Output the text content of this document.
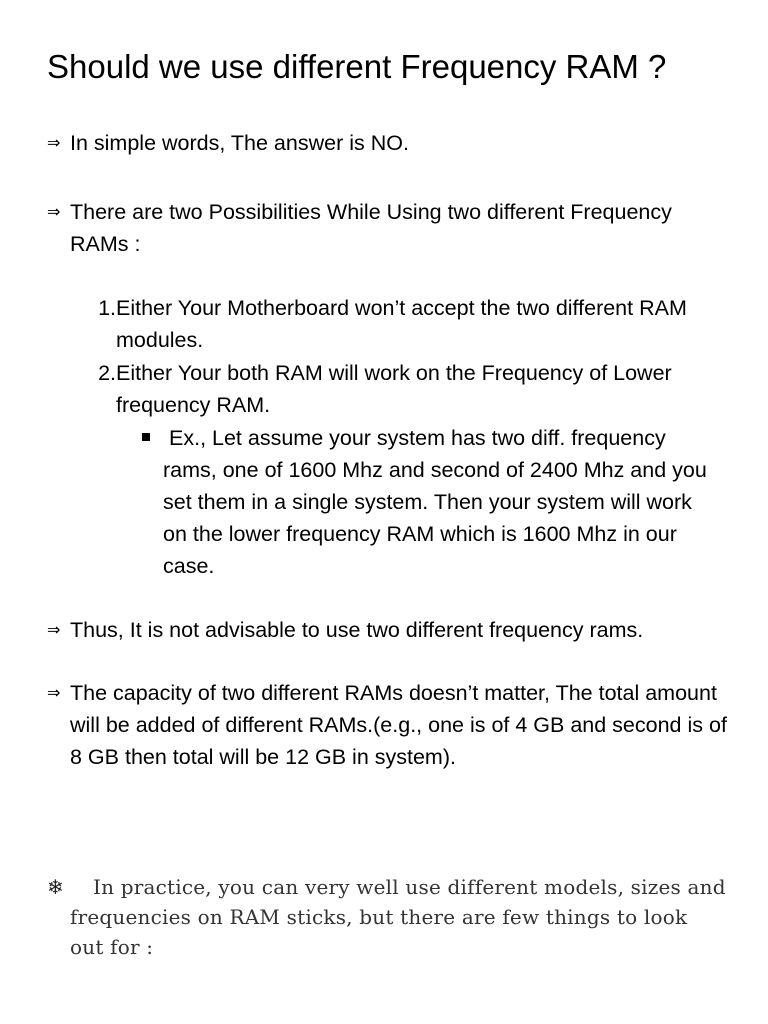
Should we use different Frequency RAM ?
⇒ In simple words, The answer is NO.
⇒ There are two Possibilities While Using two different Frequency RAMs :
1. Either Your Motherboard won’t accept the two different RAM modules.
2. Either Your both RAM will work on the Frequency of Lower frequency RAM.
Ex., Let assume your system has two diff. frequency rams, one of 1600 Mhz and second of 2400 Mhz and you set them in a single system. Then your system will work on the lower frequency RAM which is 1600 Mhz in our case.
⇒ Thus, It is not advisable to use two different frequency rams.
⇒ The capacity of two different RAMs doesn’t matter, The total amount will be added of different RAMs.(e.g., one is of 4 GB and second is of 8 GB then total will be 12 GB in system).
❄	In practice, you can very well use different models, sizes and frequencies on RAM sticks, but there are few things to look out for :
